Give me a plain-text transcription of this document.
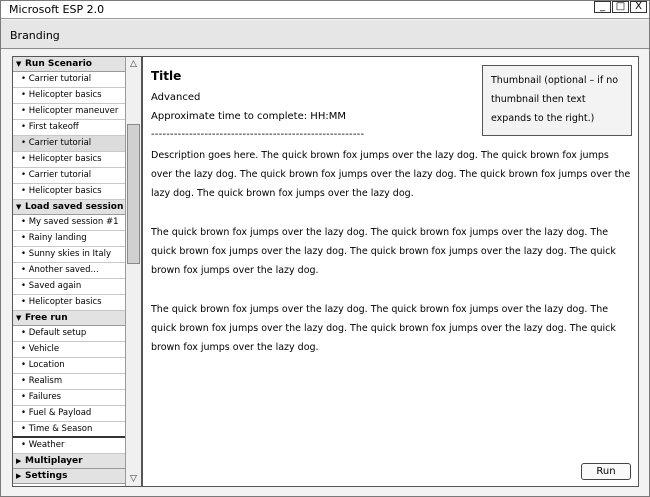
Microsoft ESP 2.0	_	□ X
Branding
▼ Run Scenario
• Carrier tutorial
• Helicopter basics
• Helicopter maneuver
• First takeoff
• Carrier tutorial
• Helicopter basics
• Carrier tutorial
• Helicopter basics
▼ Load saved session
• My saved session #1
• Rainy landing
• Sunny skies in Italy
• Another saved...
• Saved again
• Helicopter basics
▼ Free run
• Default setup
• Vehicle
• Location
• Realism
• Failures
• Fuel & Payload
• Time & Season
• Weather
▶ Multiplayer
▶ Settings
△
▽
Title
Advanced
Approximate time to complete: HH:MM
--------------------------------------------------------
Thumbnail (optional – if no thumbnail then text expands to the right.)
Description goes here. The quick brown fox jumps over the lazy dog. The quick brown fox jumps over the lazy dog. The quick brown fox jumps over the lazy dog. The quick brown fox jumps over the lazy dog. The quick brown fox jumps over the lazy dog.
The quick brown fox jumps over the lazy dog. The quick brown fox jumps over the lazy dog. The quick brown fox jumps over the lazy dog. The quick brown fox jumps over the lazy dog. The quick brown fox jumps over the lazy dog.
The quick brown fox jumps over the lazy dog. The quick brown fox jumps over the lazy dog. The quick brown fox jumps over the lazy dog. The quick brown fox jumps over the lazy dog. The quick brown fox jumps over the lazy dog.
Run
